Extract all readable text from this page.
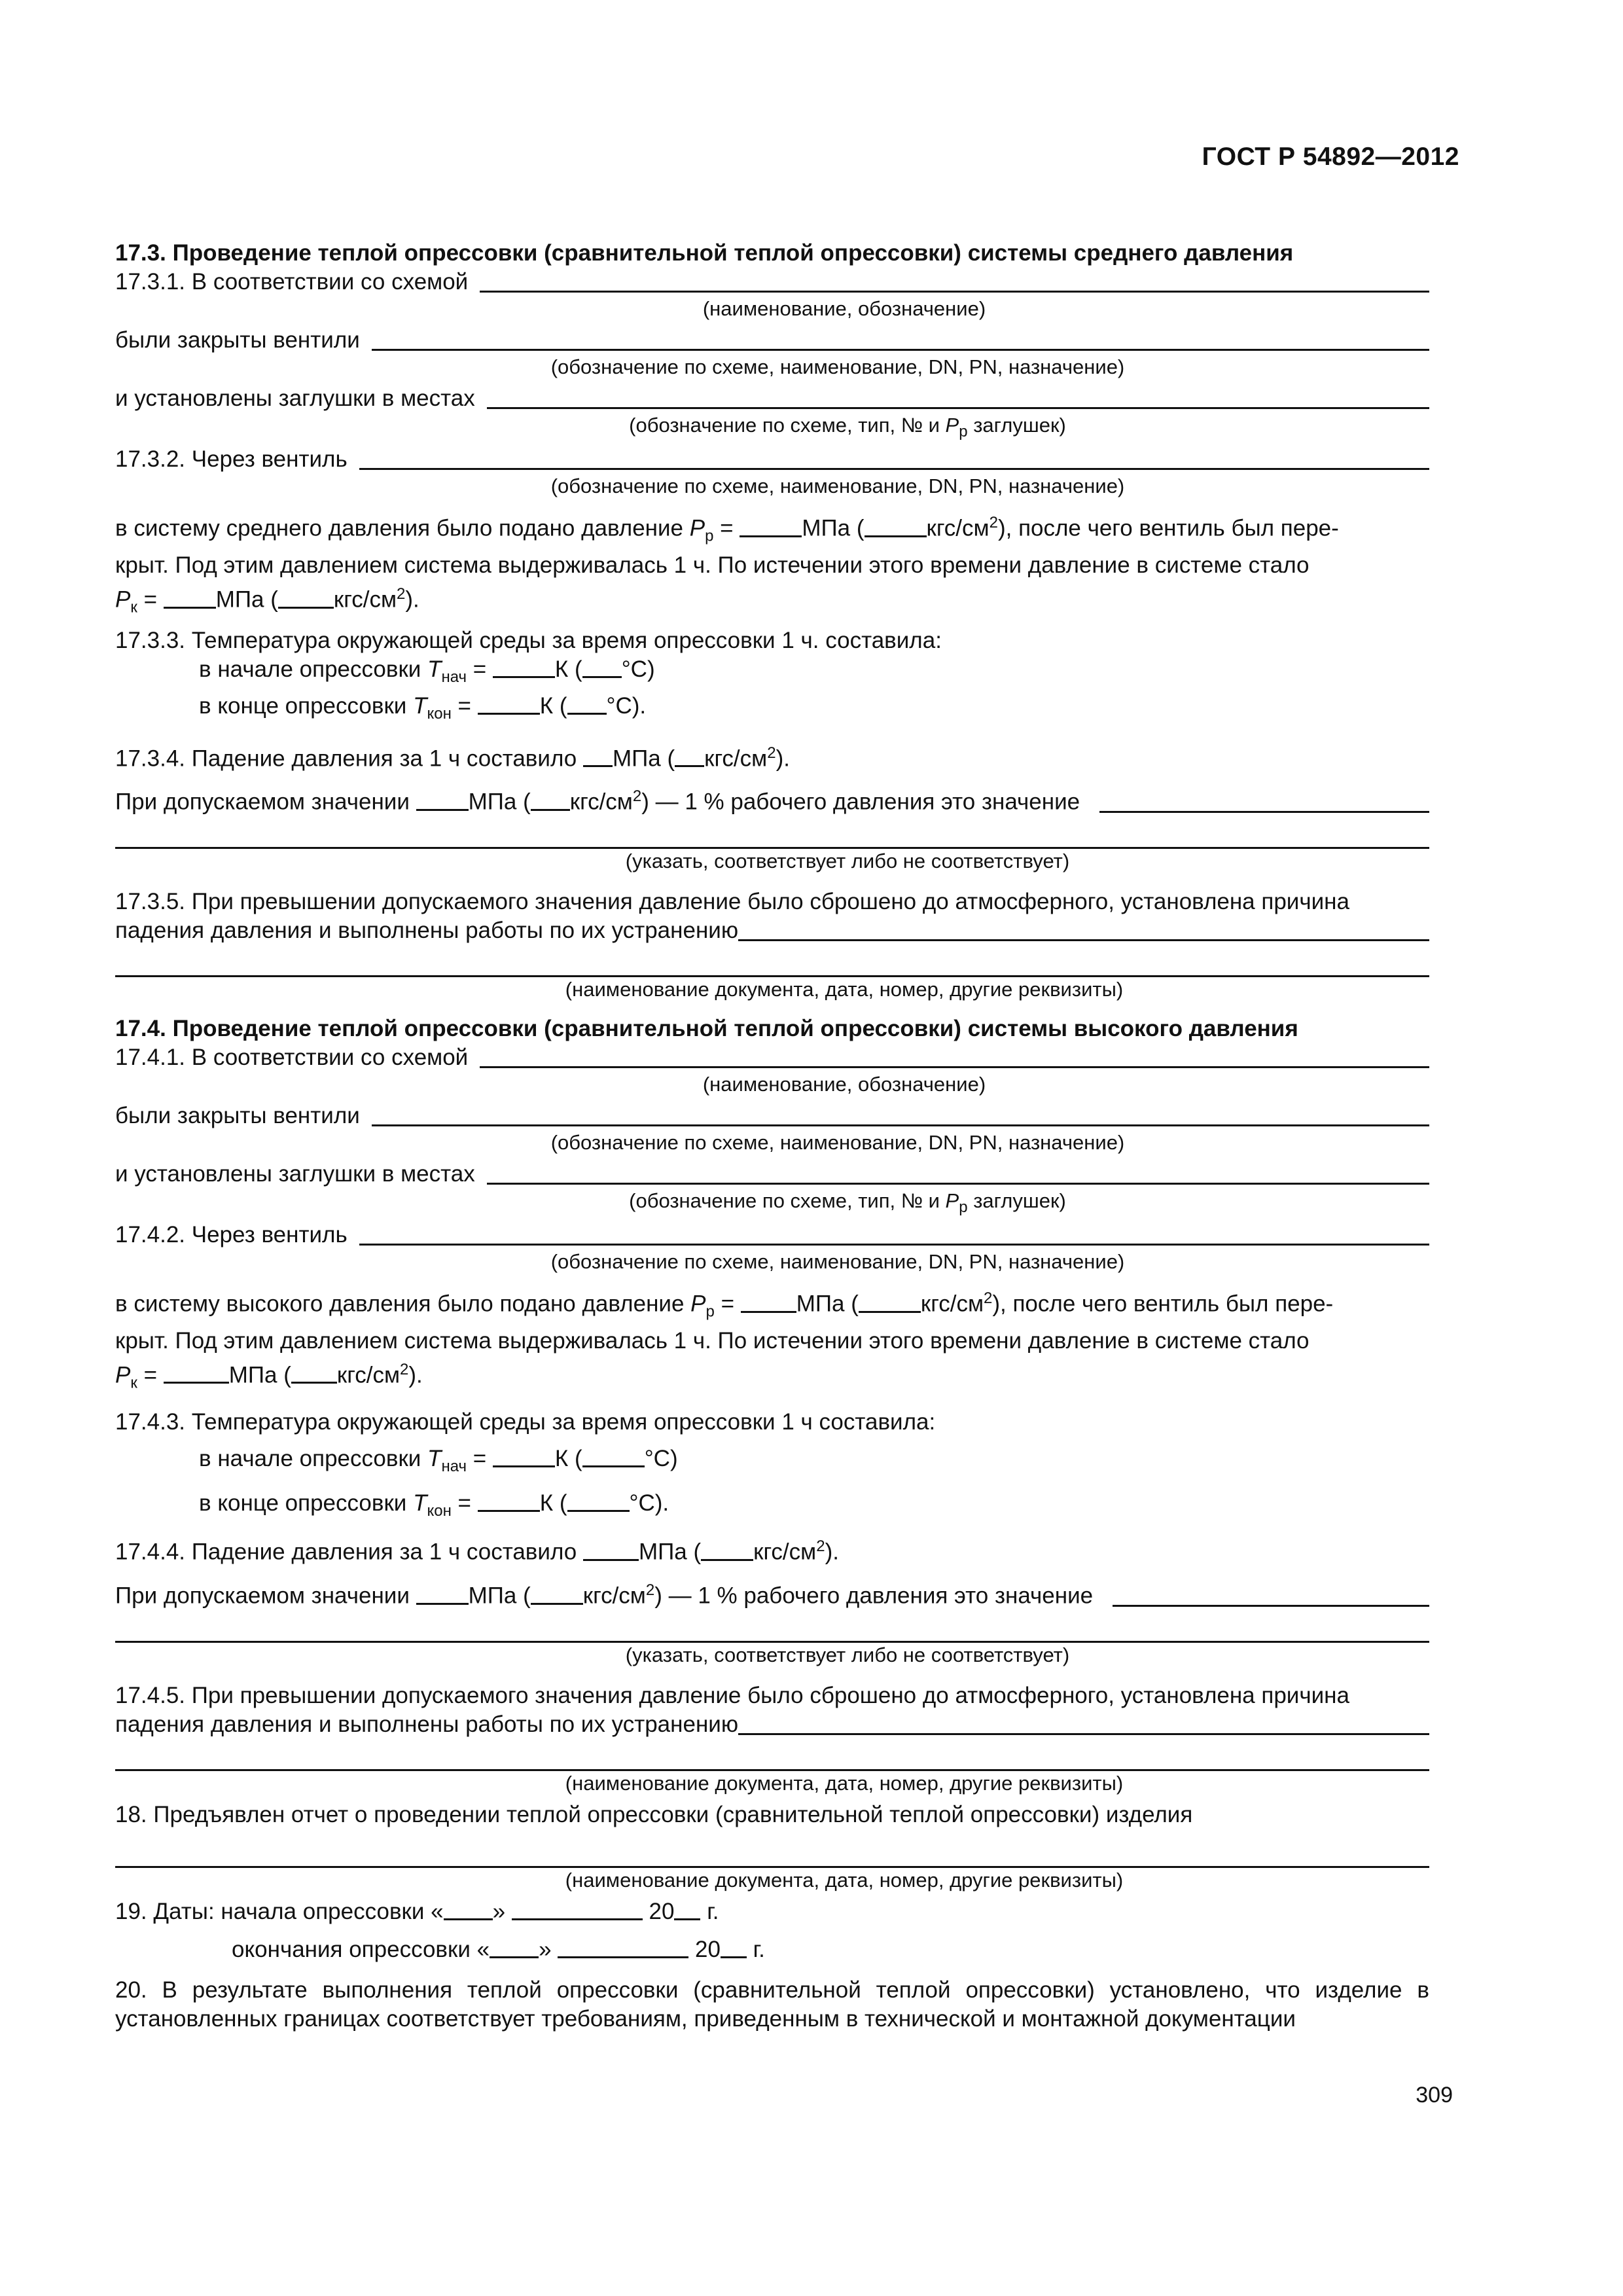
ГОСТ Р 54892—2012
17.3. Проведение теплой опрессовки (сравнительной теплой опрессовки) системы среднего давления
17.3.1. В соответствии со схемой
(наименование, обозначение)
были закрыты вентили
(обозначение по схеме, наименование, DN, PN, назначение)
и установлены заглушки в местах
(обозначение по схеме, тип, № и $P_р$ заглушек)
17.3.2. Через вентиль
(обозначение по схеме, наименование, DN, PN, назначение)
в систему среднего давления было подано давление $P_р$ =	МПа (	кгс/$см^2$), после чего вентиль был пере-
крыт. Под этим давлением система выдерживалась 1 ч. По истечении этого времени давление в системе стало
$P_к$ = МПа ( кгс/$см^2$).
17.3.3. Температура окружающей среды за время опрессовки 1 ч. составила:
в начале опрессовки $T_{нач}$ =	К ( °С)
в конце опрессовки $T_{кон}$ =	К ( °С).
17.3.4. Падение давления за 1 ч составило МПа ( кгс/$см^2$).
При допускаемом значении МПа ( кгс/$см^2$) — 1 % рабочего давления это значение
(указать, соответствует либо не соответствует)
17.3.5. При превышении допускаемого значения давление было сброшено до атмосферного, установлена причина
падения давления и выполнены работы по их устранению
(наименование документа, дата, номер, другие реквизиты)
17.4. Проведение теплой опрессовки (сравнительной теплой опрессовки) системы высокого давления
17.4.1. В соответствии со схемой
(наименование, обозначение)
были закрыты вентили
(обозначение по схеме, наименование, DN, PN, назначение)
и установлены заглушки в местах
(обозначение по схеме, тип, № и $P_р$ заглушек)
17.4.2. Через вентиль
(обозначение по схеме, наименование, DN, PN, назначение)
в систему высокого давления было подано давление $P_р$ = МПа (	кгс/$см^2$), после чего вентиль был пере-
крыт. Под этим давлением система выдерживалась 1 ч. По истечении этого времени давление в системе стало
$P_к$ =	МПа ( кгс/$см^2$).
17.4.3. Температура окружающей среды за время опрессовки 1 ч составила:
в начале опрессовки $T_{нач}$ =	К (	°С)
в конце опрессовки $T_{кон}$ =	К (	°С).
17.4.4. Падение давления за 1 ч составило МПа ( кгс/$см^2$).
При допускаемом значении МПа ( кгс/$см^2$) — 1 % рабочего давления это значение
(указать, соответствует либо не соответствует)
17.4.5. При превышении допускаемого значения давление было сброшено до атмосферного, установлена причина
падения давления и выполнены работы по их устранению
(наименование документа, дата, номер, другие реквизиты)
18. Предъявлен отчет о проведении теплой опрессовки (сравнительной теплой опрессовки) изделия
(наименование документа, дата, номер, другие реквизиты)
19. Даты: начала опрессовки « »	20 г.
окончания опрессовки « »	20 г.
20. В результате выполнения теплой опрессовки (сравнительной теплой опрессовки) установлено, что изделие в установленных границах соответствует требованиям, приведенным в технической и монтажной документации
309
